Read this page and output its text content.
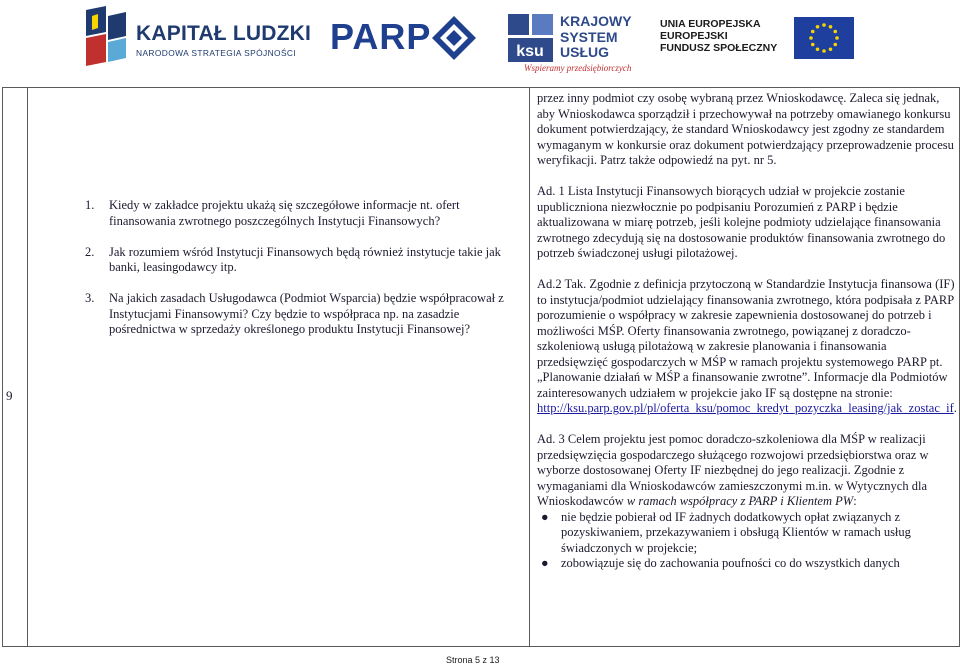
KAPITAŁ LUDZKI
NARODOWA STRATEGIA SPÓJNOŚCI PARP	ksu
KRAJOWY
SYSTEM
USŁUG
Wspieramy przedsiębiorczych
UNIA EUROPEJSKA
EUROPEJSKI
FUNDUSZ SPOŁECZNY
9
1. Kiedy w zakładce projektu ukażą się szczegółowe informacje nt. ofert finansowania zwrotnego poszczególnych Instytucji Finansowych?
2. Jak rozumiem wśród Instytucji Finansowych będą również instytucje takie jak banki, leasingodawcy itp.
3. Na jakich zasadach Usługodawca (Podmiot Wsparcia) będzie współpracował z Instytucjami Finansowymi? Czy będzie to współpraca np. na zasadzie pośrednictwa w sprzedaży określonego produktu Instytucji Finansowej?

przez inny podmiot czy osobę wybraną przez Wnioskodawcę. Zaleca się jednak, aby Wnioskodawca sporządził i przechowywał na potrzeby omawianego konkursu dokument potwierdzający, że standard Wnioskodawcy jest zgodny ze standardem wymaganym w konkursie oraz dokument potwierdzający przeprowadzenie procesu weryfikacji. Patrz także odpowiedź na pyt. nr 5.

Ad. 1 Lista Instytucji Finansowych biorących udział w projekcie zostanie upubliczniona niezwłocznie po podpisaniu Porozumień z PARP i będzie aktualizowana w miarę potrzeb, jeśli kolejne podmioty udzielające finansowania zwrotnego zdecydują się na dostosowanie produktów finansowania zwrotnego do potrzeb świadczonej usługi pilotażowej.

Ad.2 Tak. Zgodnie z definicja przytoczoną w Standardzie Instytucja finansowa (IF) to instytucja/podmiot udzielający finansowania zwrotnego, która podpisała z PARP porozumienie o współpracy w zakresie zapewnienia dostosowanej do potrzeb i możliwości MŚP. Oferty finansowania zwrotnego, powiązanej z doradczo-szkoleniową usługą pilotażową w zakresie planowania i finansowania przedsięwzięć gospodarczych w MŚP w ramach projektu systemowego PARP pt. „Planowanie działań w MŚP a finansowanie zwrotne”. Informacje dla Podmiotów zainteresowanych udziałem w projekcie jako IF są dostępne na stronie: http://ksu.parp.gov.pl/pl/oferta_ksu/pomoc_kredyt_pozyczka_leasing/jak_zostac_if.

Ad. 3 Celem projektu jest pomoc doradczo-szkoleniowa dla MŚP w realizacji przedsięwzięcia gospodarczego służącego rozwojowi przedsiębiorstwa oraz w wyborze dostosowanej Oferty IF niezbędnej do jego realizacji. Zgodnie z wymaganiami dla Wnioskodawców zamieszczonymi m.in. w Wytycznych dla Wnioskodawców w ramach współpracy z PARP i Klientem PW:

● nie będzie pobierał od IF żadnych dodatkowych opłat związanych z pozyskiwaniem, przekazywaniem i obsługą Klientów w ramach usług świadczonych w projekcie;
● zobowiązuje się do zachowania poufności co do wszystkich danych
Strona 5 z 13
